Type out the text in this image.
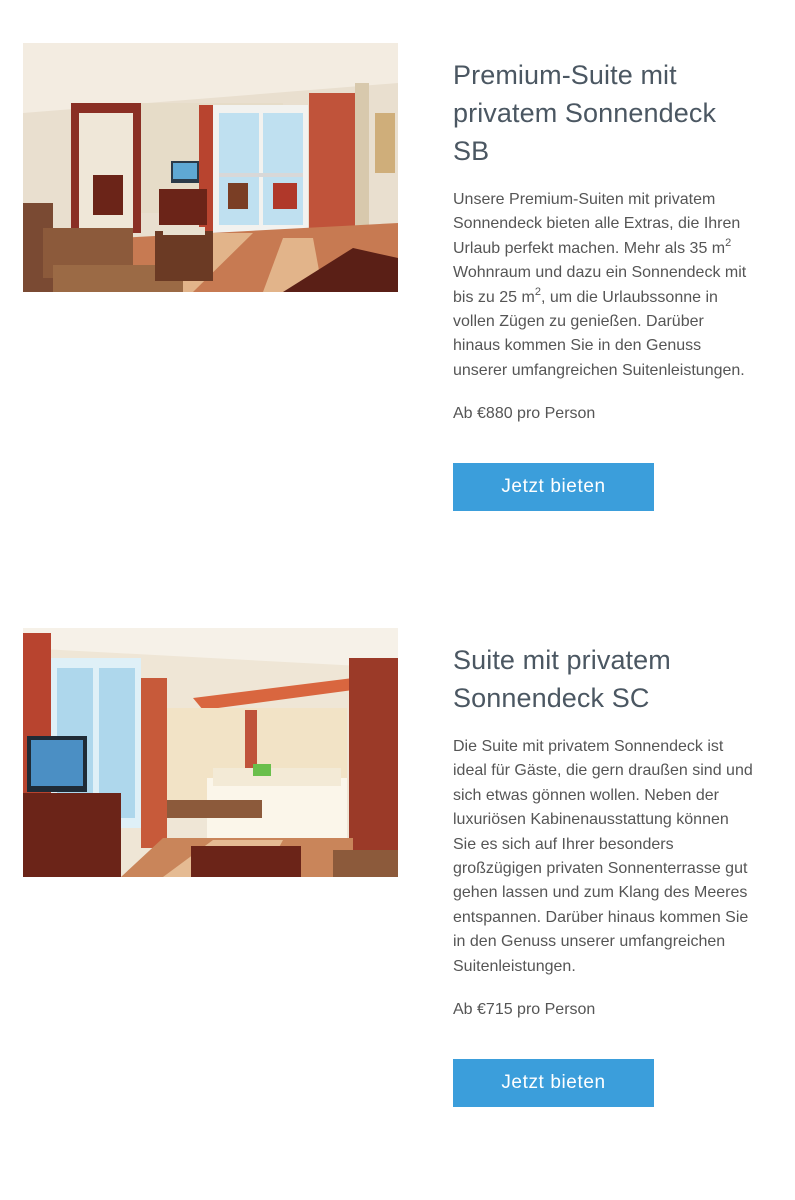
Premium-Suite mit privatem Sonnendeck SB

Unsere Premium-Suiten mit privatem Sonnendeck bieten alle Extras, die Ihren Urlaub perfekt machen. Mehr als 35 $m^2$ Wohnraum und dazu ein Sonnendeck mit bis zu 25 $m^2$, um die Urlaubssonne in vollen Zügen zu genießen. Darüber hinaus kommen Sie in den Genuss unserer umfangreichen Suitenleistungen.

Ab €880 pro Person

Jetzt bieten
Suite mit privatem Sonnendeck SC

Die Suite mit privatem Sonnendeck ist ideal für Gäste, die gern draußen sind und sich etwas gönnen wollen. Neben der luxuriösen Kabinenausstattung können Sie es sich auf Ihrer besonders großzügigen privaten Sonnenterrasse gut gehen lassen und zum Klang des Meeres entspannen. Darüber hinaus kommen Sie in den Genuss unserer umfangreichen Suitenleistungen.

Ab €715 pro Person

Jetzt bieten
